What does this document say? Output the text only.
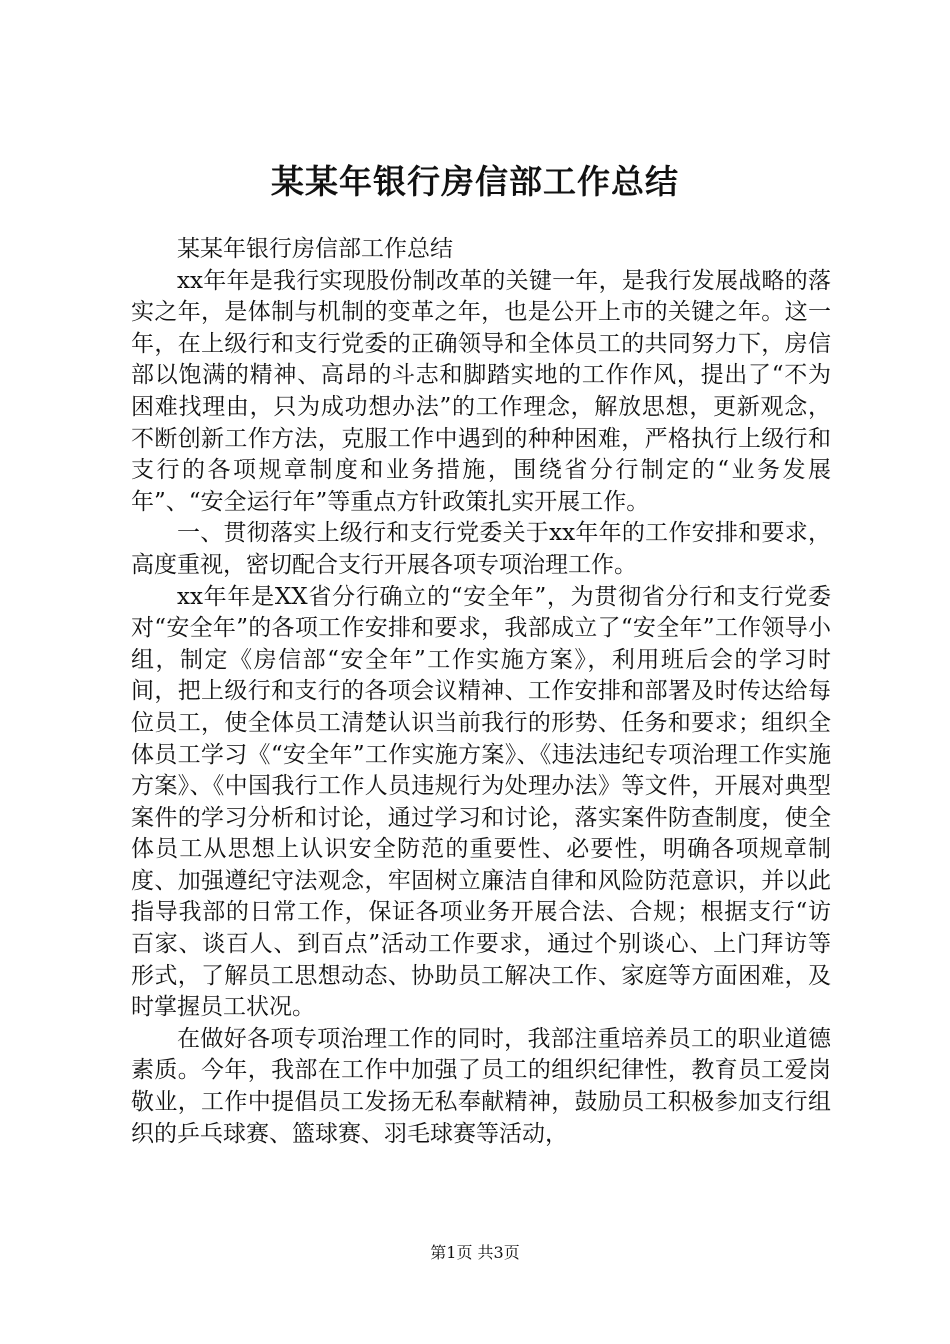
某某年银行房信部工作总结

某某年银行房信部工作总结

xx年年是我行实现股份制改革的关键一年，是我行发展战略的落实之年，是体制与机制的变革之年，也是公开上市的关键之年。这一年，在上级行和支行党委的正确领导和全体员工的共同努力下，房信部以饱满的精神、高昂的斗志和脚踏实地的工作作风，提出了“不为困难找理由，只为成功想办法”的工作理念，解放思想，更新观念，不断创新工作方法，克服工作中遇到的种种困难，严格执行上级行和支行的各项规章制度和业务措施，围绕省分行制定的“业务发展年”、“安全运行年”等重点方针政策扎实开展工作。

一、贯彻落实上级行和支行党委关于xx年年的工作安排和要求，高度重视，密切配合支行开展各项专项治理工作。

xx年年是XX省分行确立的“安全年”，为贯彻省分行和支行党委对“安全年”的各项工作安排和要求，我部成立了“安全年”工作领导小组，制定《房信部“安全年”工作实施方案》，利用班后会的学习时间，把上级行和支行的各项会议精神、工作安排和部署及时传达给每位员工，使全体员工清楚认识当前我行的形势、任务和要求；组织全体员工学习《“安全年”工作实施方案》、《违法违纪专项治理工作实施方案》、《中国我行工作人员违规行为处理办法》等文件，开展对典型案件的学习分析和讨论，通过学习和讨论，落实案件防查制度，使全体员工从思想上认识安全防范的重要性、必要性，明确各项规章制度、加强遵纪守法观念，牢固树立廉洁自律和风险防范意识，并以此指导我部的日常工作，保证各项业务开展合法、合规；根据支行“访百家、谈百人、到百点”活动工作要求，通过个别谈心、上门拜访等形式，了解员工思想动态、协助员工解决工作、家庭等方面困难，及时掌握员工状况。

在做好各项专项治理工作的同时，我部注重培养员工的职业道德素质。今年，我部在工作中加强了员工的组织纪律性，教育员工爱岗敬业，工作中提倡员工发扬无私奉献精神，鼓励员工积极参加支行组织的乒乓球赛、篮球赛、羽毛球赛等活动，

第1页 共3页
